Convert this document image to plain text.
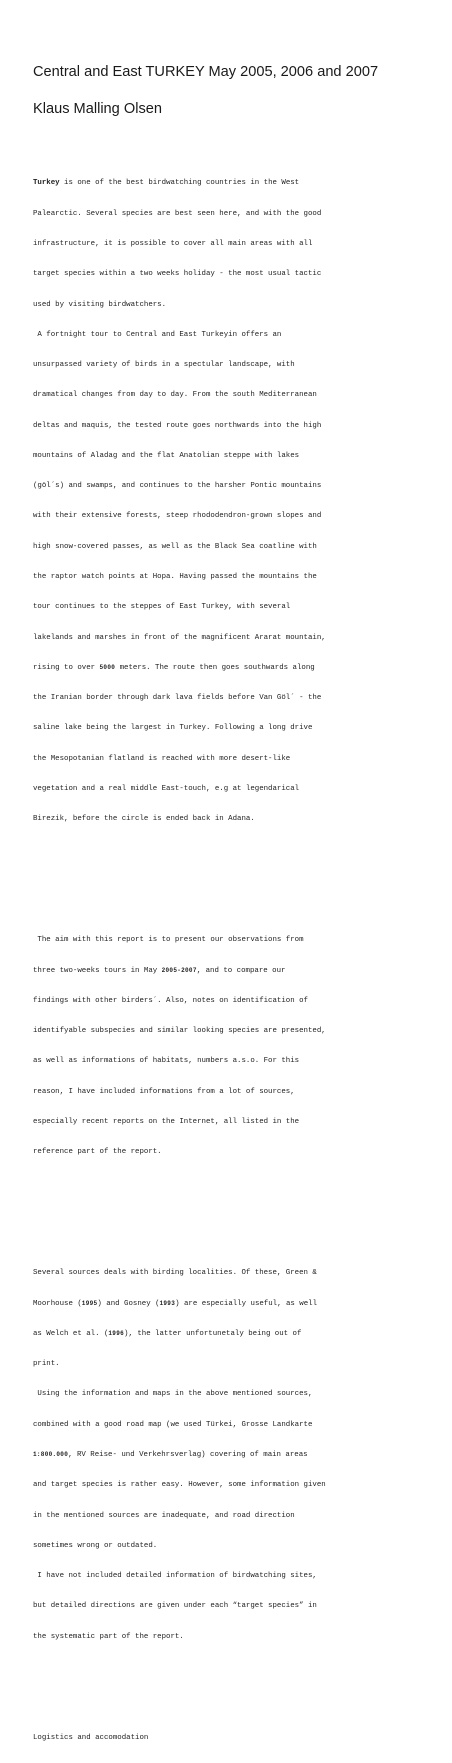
Central and East TURKEY May 2005, 2006 and 2007
Klaus Malling Olsen

Turkey is one of the best birdwatching countries in the West

Palearctic. Several species are best seen here, and with the good

infrastructure, it is possible to cover all main areas with all

target species within a two weeks holiday - the most usual tactic

used by visiting birdwatchers.

A fortnight tour to Central and East Turkeyin offers an

unsurpassed variety of birds in a spectular landscape, with

dramatical changes from day to day. From the south Mediterranean

deltas and maquis, the tested route goes northwards into the high

mountains of Aladag and the flat Anatolian steppe with lakes

(göl´s) and swamps, and continues to the harsher Pontic mountains

with their extensive forests, steep rhododendron-grown slopes and

high snow-covered passes, as well as the Black Sea coatline with

the raptor watch points at Hopa. Having passed the mountains the

tour continues to the steppes of East Turkey, with several

lakelands and marshes in front of the magnificent Ararat mountain,

rising to over 5000 meters. The route then goes southwards along

the Iranian border through dark lava fields before Van Göl´ - the

saline lake being the largest in Turkey. Following a long drive

the Mesopotanian flatland is reached with more desert-like

vegetation and a real middle East-touch, e.g at legendarical

Birezik, before the circle is ended back in Adana.

The aim with this report is to present our observations from

three two-weeks tours in May 2005-2007, and to compare our

findings with other birders´. Also, notes on identification of

identifyable subspecies and similar looking species are presented,

as well as informations of habitats, numbers a.s.o. For this

reason, I have included informations from a lot of sources,

especially recent reports on the Internet, all listed in the

reference part of the report.

Several sources deals with birding localities. Of these, Green &

Moorhouse (1995) and Gosney (1993) are especially useful, as well

as Welch et al. (1996), the latter unfortunetaly being out of

print.

Using the information and maps in the above mentioned sources,

combined with a good road map (we used Türkei, Grosse Landkarte

1:800.000, RV Reise- und Verkehrsverlag) covering of main areas

and target species is rather easy. However, some information given

in the mentioned sources are inadequate, and road direction

sometimes wrong or outdated.

I have not included detailed information of birdwatching sites,

but detailed directions are given under each “target species” in

the systematic part of the report.

Logistics and accomodation
